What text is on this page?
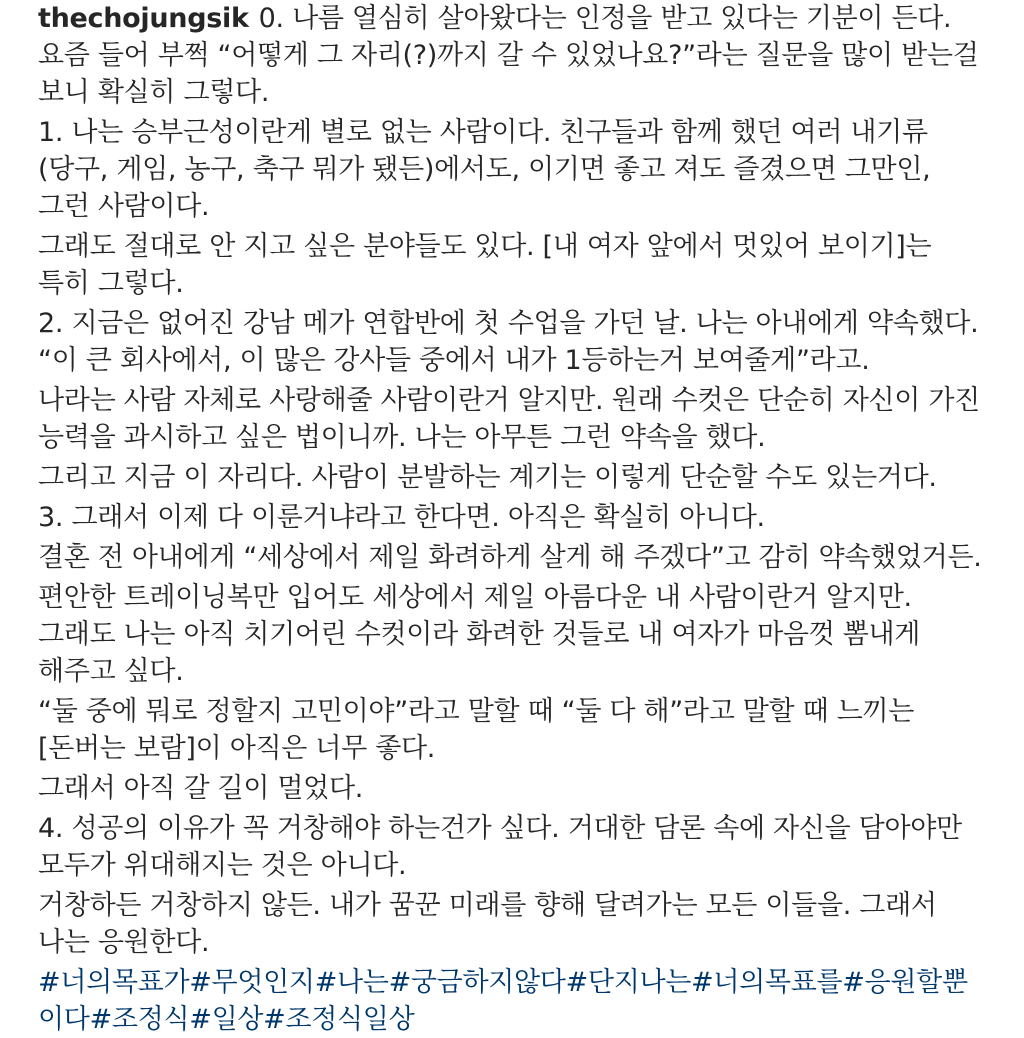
thechojungsik 0. 나름 열심히 살아왔다는 인정을 받고 있다는 기분이 든다. 요즘 들어 부쩍 “어떻게 그 자리(?)까지 갈 수 있었나요?”라는 질문을 많이 받는걸 보니 확실히 그렇다.

1. 나는 승부근성이란게 별로 없는 사람이다. 친구들과 함께 했던 여러 내기류(당구, 게임, 농구, 축구 뭐가 됐든)에서도, 이기면 좋고 져도 즐겼으면 그만인, 그런 사람이다.

그래도 절대로 안 지고 싶은 분야들도 있다. [내 여자 앞에서 멋있어 보이기]는 특히 그렇다.

2. 지금은 없어진 강남 메가 연합반에 첫 수업을 가던 날. 나는 아내에게 약속했다. “이 큰 회사에서, 이 많은 강사들 중에서 내가 1등하는거 보여줄게”라고.

나라는 사람 자체로 사랑해줄 사람이란거 알지만. 원래 수컷은 단순히 자신이 가진 능력을 과시하고 싶은 법이니까. 나는 아무튼 그런 약속을 했다.

그리고 지금 이 자리다. 사람이 분발하는 계기는 이렇게 단순할 수도 있는거다.

3. 그래서 이제 다 이룬거냐라고 한다면. 아직은 확실히 아니다.

결혼 전 아내에게 “세상에서 제일 화려하게 살게 해 주겠다”고 감히 약속했었거든.

편안한 트레이닝복만 입어도 세상에서 제일 아름다운 내 사람이란거 알지만. 그래도 나는 아직 치기어린 수컷이라 화려한 것들로 내 여자가 마음껏 뽐내게 해주고 싶다.

“둘 중에 뭐로 정할지 고민이야”라고 말할 때 “둘 다 해”라고 말할 때 느끼는 [돈버는 보람]이 아직은 너무 좋다.

그래서 아직 갈 길이 멀었다.

4. 성공의 이유가 꼭 거창해야 하는건가 싶다. 거대한 담론 속에 자신을 담아야만 모두가 위대해지는 것은 아니다.

거창하든 거창하지 않든. 내가 꿈꾼 미래를 향해 달려가는 모든 이들을. 그래서 나는 응원한다.

#너의목표가#무엇인지#나는#궁금하지않다#단지나는#너의목표를#응원할뿐이다#조정식#일상#조정식일상
